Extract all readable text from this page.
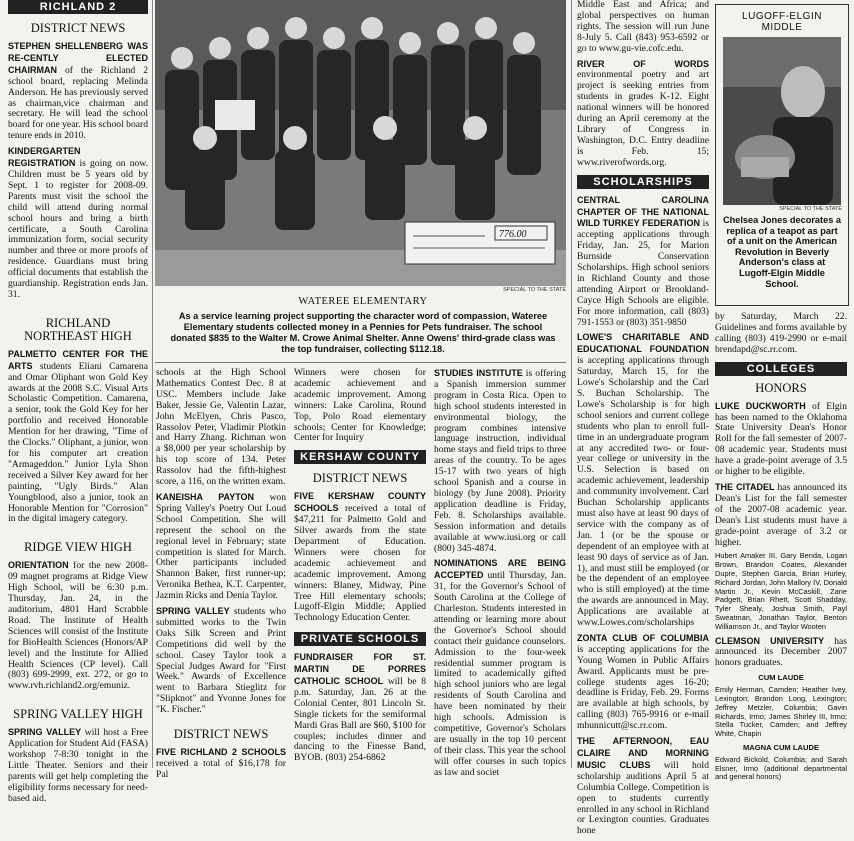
RICHLAND 2
DISTRICT NEWS

STEPHEN SHELLENBERG WAS RE-CENTLY ELECTED CHAIRMAN of the Richland 2 school board, replacing Melinda Anderson. He has previously served as chairman,vice chairman and secretary. He will lead the school board for one year. His school board tenure ends in 2010.

KINDERGARTEN REGISTRATION is going on now. Children must be 5 years old by Sept. 1 to register for 2008-09. Parents must visit the school the child will attend during normal school hours and bring a birth certificate, a South Carolina immunization form, social security number and three or more proofs of residence. Guardians must bring official documents that establish the guardianship. Registration ends Jan. 31.

RICHLAND NORTHEAST HIGH

PALMETTO CENTER FOR THE ARTS students Eliani Camarena and Omar Oliphant won Gold Key awards at the 2008 S.C. Visual Arts Scholastic Competition. Camarena, a senior, took the Gold Key for her portfolio and received Honorable Mention for her drawing, "Time of the Clocks." Oliphant, a junior, won for his computer art creation "Armageddon." Junior Lyla Shon received a Silver Key award for her painting, "Ugly Birds." Alan Youngblood, also a junior, took an Honorable Mention for "Corrosion" in the digital imagery category.

RIDGE VIEW HIGH

ORIENTATION for the new 2008-09 magnet programs at Ridge View High School, will be 6:30 p.m. Thursday, Jan. 24, in the auditorium, 4801 Hard Scrabble Road. The Institute of Health Sciences will consist of the Institute for BioHealth Sciences (Honors/AP level) and the Institute for Allied Health Sciences (CP level). Call (803) 699-2999, ext. 272, or go to www.rvh.richland2.org/emuniz.

SPRING VALLEY HIGH

SPRING VALLEY will host a Free Application for Student Aid (FASA) workshop 7-8:30 tonight in the Little Theater. Seniors and their parents will get help completing the eligibility forms necessary for need-based aid.

776.00
SPECIAL TO THE STATE
WATEREE ELEMENTARY
As a service learning project supporting the character word of compassion, Wateree Elementary students collected money in a Pennies for Pets fundraiser. The school donated $835 to the Walter M. Crowe Animal Shelter. Anne Owens' third-grade class was the top fundraiser, collecting $112.18.

schools at the High School Mathematics Contest Dec. 8 at USC. Members include Jake Baker, Jessie Ge, Valentin Lazar, John McElyen, Chris Pasco, Rassolov Peter, Vladimir Plotkin and Harry Zhang. Richman won a $8,000 per year scholarship by his top score of 134. Peter Rassolov had the fifth-highest score, a 116, on the written exam.

KANEISHA PAYTON won Spring Valley's Poetry Out Loud School Competition. She will represent the school on the regional level in February; state competition is slated for March. Other participants included Shannon Baker, first runner-up; Veronika Bethea, K.T. Carpenter, Jazmin Ricks and Denia Taylor.

SPRING VALLEY students who submitted works to the Twin Oaks Silk Screen and Print Competitions did well by the school. Casey Taylor took a Special Judges Award for "First Week." Awards of Excellence went to Barbara Stieglitz for "Slipknot" and Yvonne Jones for "K. Fischer."

DISTRICT NEWS

FIVE RICHLAND 2 SCHOOLS received a total of $16,178 for Pal

Winners were chosen for academic achievement and academic improvement. Among winners: Lake Carolina, Round Top, Polo Road elementary schools; Center for Knowledge; Center for Inquiry

KERSHAW COUNTY
DISTRICT NEWS

FIVE KERSHAW COUNTY SCHOOLS received a total of $47,211 for Palmetto Gold and Silver awards from the state Department of Education. Winners were chosen for academic achievement and academic improvement. Among winners: Blaney, Midway, Pine Tree Hill elementary schools; Lugoff-Elgin Middle; Applied Technology Education Center.

PRIVATE SCHOOLS

FUNDRAISER FOR ST. MARTIN DE PORRES CATHOLIC SCHOOL will be 8 p.m. Saturday, Jan. 26 at the Colonial Center, 801 Lincoln St. Single tickets for the semiformal Mardi Gras Ball are $60, $100 for couples; includes dinner and dancing to the Finesse Band, BYOB. (803) 254-6862

STUDIES INSTITUTE is offering a Spanish immersion summer program in Costa Rica. Open to high school students interested in environmental biology, the program combines intensive language instruction, individual home stays and field trips to three areas of the country. To be ages 15-17 with two years of high school Spanish and a course in biology (by June 2008). Priority application deadline is Friday, Feb. 8. Scholarships available. Session information and details available at www.iusi.org or call (800) 345-4874.

NOMINATIONS ARE BEING ACCEPTED until Thursday, Jan. 31, for the Governor's School of South Carolina at the College of Charleston. Students interested in attending or learning more about the Governor's School should contact their guidance counselors. Admission to the four-week residential summer program is limited to academically gifted high school juniors who are legal residents of South Carolina and have been nominated by their high schools. Admission is competitive, Governor's Scholars are usually in the top 10 percent of their class. This year the school will offer courses in such topics as law and societ

Middle East and Africa; and global perspectives on human rights. The session will run June 8-July 5. Call (843) 953-6592 or go to www.gu-vie.cofc.edu.

RIVER OF WORDS environmental poetry and art project is seeking entries from students in grades K-12. Eight national winners will be honored during an April ceremony at the Library of Congress in Washington, D.C. Entry deadline is Feb. 15; www.riverofwords.org.

SCHOLARSHIPS

CENTRAL CAROLINA CHAPTER OF THE NATIONAL WILD TURKEY FEDERATION is accepting applications through Friday, Jan. 25, for Marion Burnside Conservation Scholarships. High school seniors in Richland County and those attending Airport or Brookland-Cayce High Schools are eligible. For more information, call (803) 791-1553 or (803) 351-9850

LOWE'S CHARITABLE AND EDUCATIONAL FOUNDATION is accepting applications through Saturday, March 15, for the Lowe's Scholarship and the Carl S. Buchan Scholarship. The Lowe's Scholarship is for high school seniors and current college students who plan to enroll full-time in an undergraduate program at any accredited two- or four-year college or university in the U.S. Selection is based on academic achievement, leadership and community involvement. Carl Buchan Scholarship applicants must also have at least 90 days of service with the company as of Jan. 1 (or be the spouse or dependent of an employee with at least 90 days of service as of Jan. 1), and must still be employed (or be the dependent of an employee who is still employed) at the time the awards are announced in May. Applications are available at www.Lowes.com/scholarships

ZONTA CLUB OF COLUMBIA is accepting applications for the Young Women in Public Affairs Award. Applicants must be pre-college students ages 16-20; deadline is Friday, Feb. 29. Forms are available at high schools, by calling (803) 765-9916 or e-mail mhunnicutt@sc.rr.com.

THE AFTERNOON, EAU CLAIRE AND MORNING MUSIC CLUBS will hold scholarship auditions April 5 at Columbia College. Competition is open to students currently enrolled in any school in Richland or Lexington counties. Graduates hone

LUGOFF-ELGIN MIDDLE
SPECIAL TO THE STATE
Chelsea Jones decorates a replica of a teapot as part of a unit on the American Revolution in Beverly Anderson's class at Lugoff-Elgin Middle School.

by Saturday, March 22. Guidelines and forms available by calling (803) 419-2990 or e-mail brendapd@sc.rr.com.

COLLEGES
HONORS

LUKE DUCKWORTH of Elgin has been named to the Oklahoma State University Dean's Honor Roll for the fall semester of 2007-08 academic year. Students must have a grade-point average of 3.5 or higher to be eligible.

THE CITADEL has announced its Dean's List for the fall semester of the 2007-08 academic year. Dean's List students must have a grade-point average of 3.2 or higher.

Hubert Amaker III, Gary Benda, Logan Brown, Brandon Coates, Alexander Dupre, Stephen Garcia, Brian Hurley, Richard Jordan, John Mallory IV, Donald Martin Jr., Kevin McCaskill, Zane Padgett, Brian Rhett, Scott Shadday, Tyler Shealy, Joshua Smith, Payl Sweatman, Jonathan Taylor, Benton Williamson Jr., and Taylor Wooten

CLEMSON UNIVERSITY has announced its December 2007 honors graduates.

CUM LAUDE

Emily Herman, Camden; Heather Ivey, Lexington; Brandon Long, Lexington; Jeffrey Metzler, Columbia; Gavin Richards, Irmo; James Shirley III, Irmo; Stella Tucker, Camden; and Jeffrey White, Chapin

MAGNA CUM LAUDE

Edward Bickold, Columbia; and Sarah Elsner, Irmo (additional departmental and general honors)
